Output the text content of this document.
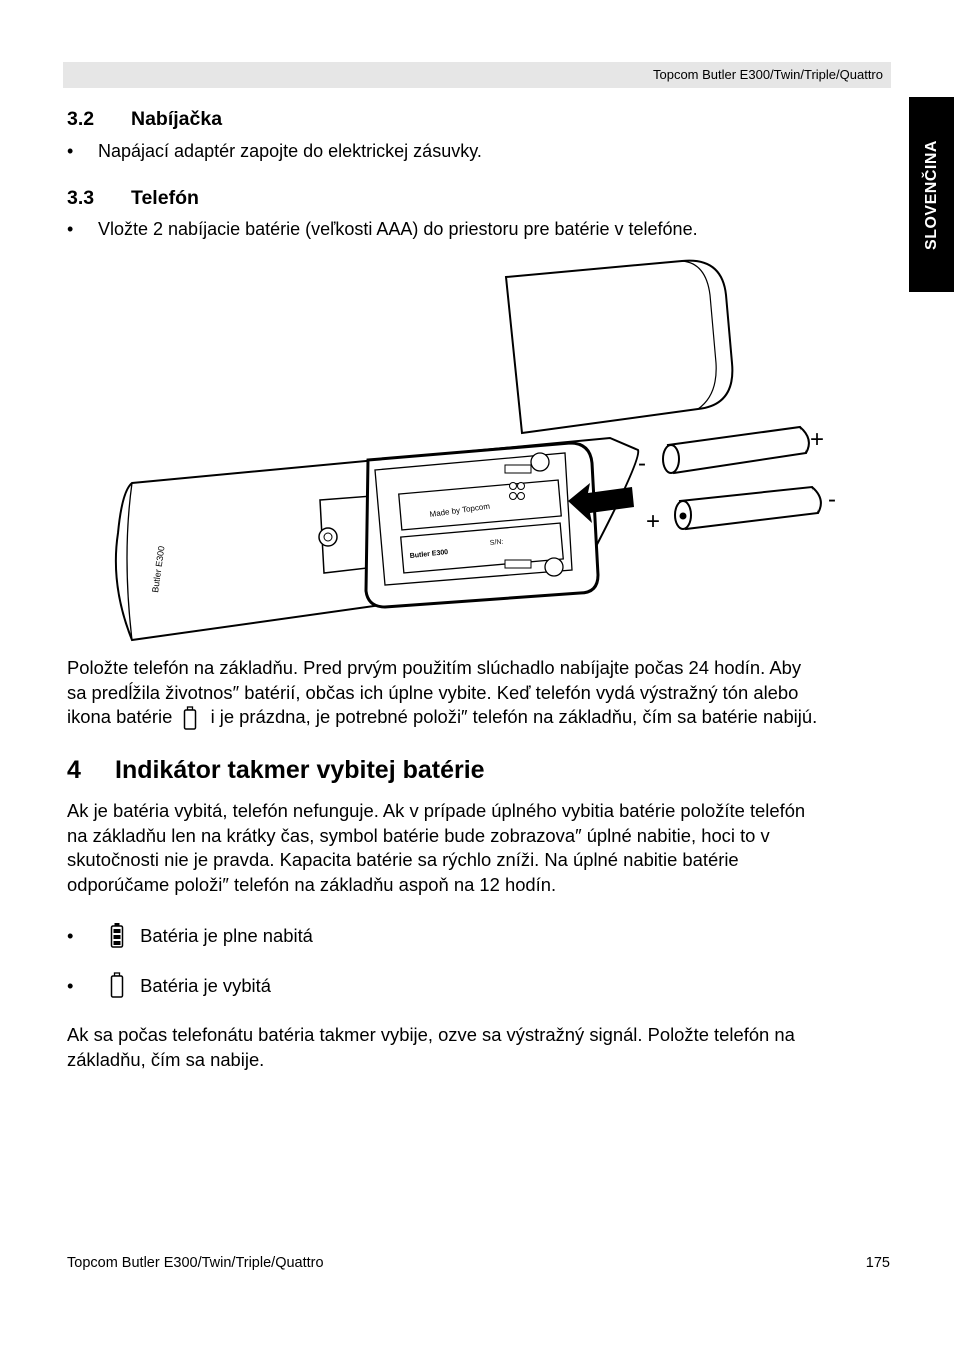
Topcom Butler E300/Twin/Triple/Quattro
SLOVENČINA
3.2 Nabíjačka
• Napájací adaptér zapojte do elektrickej zásuvky.
3.3 Telefón
• Vložte 2 nabíjacie batérie (veľkosti AAA) do priestoru pre batérie v telefóne.
Butler E300
Made by Topcom
S/N:
Butler E300
+
-
-
+

Položte telefón na základňu. Pred prvým použitím slúchadlo nabíjajte počas 24 hodín. Aby

sa predĺžila životnos″ batérií, občas ich úplne vybite. Keď telefón vydá výstražný tón alebo

ikona batérie i je prázdna, je potrebné položi″ telefón na základňu, čím sa batérie nabijú.

4 Indikátor takmer vybitej batérie

Ak je batéria vybitá, telefón nefunguje. Ak v prípade úplného vybitia batérie položíte telefón

na základňu len na krátky čas, symbol batérie bude zobrazova″ úplné nabitie, hoci to v

skutočnosti nie je pravda. Kapacita batérie sa rýchlo zníži. Na úplné nabitie batérie

odporúčame položi″ telefón na základňu aspoň na 12 hodín.

•	Batéria je plne nabitá
•	Batéria je vybitá

Ak sa počas telefonátu batéria takmer vybije, ozve sa výstražný signál. Položte telefón na

základňu, čím sa nabije.

Topcom Butler E300/Twin/Triple/Quattro	175
